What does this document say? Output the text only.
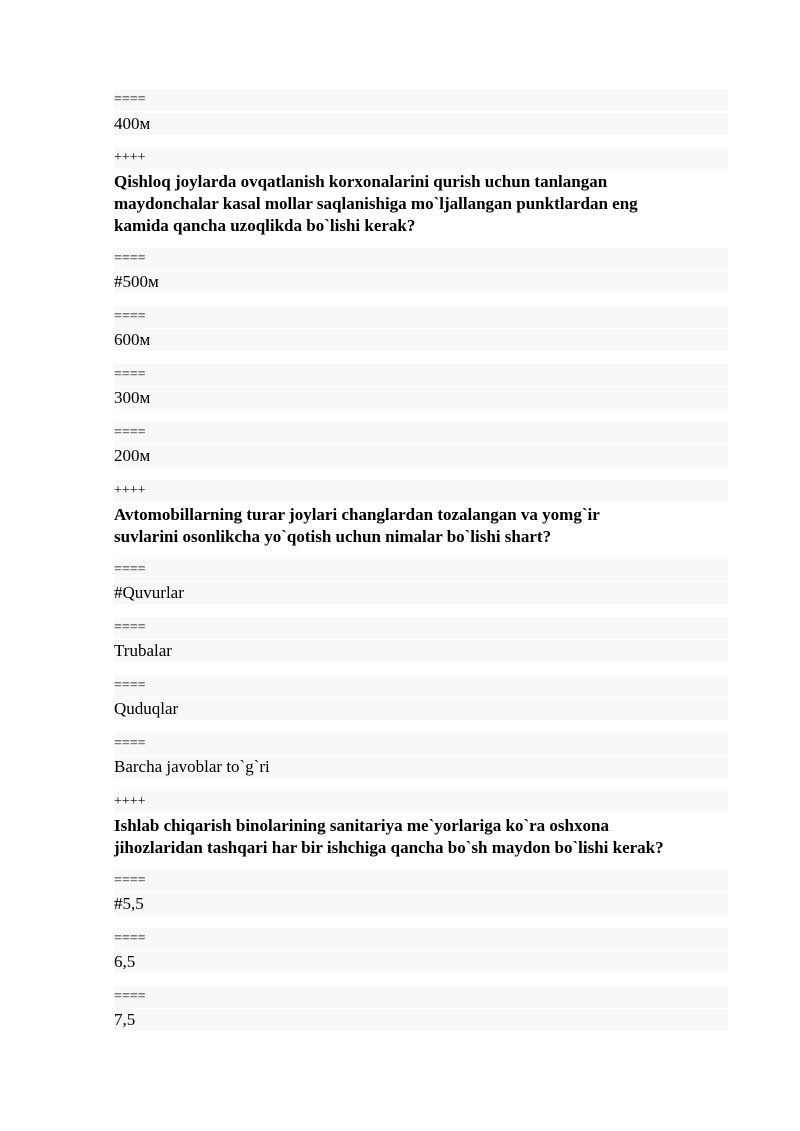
====
400м
++++
Qishloq joylarda ovqatlanish korxonalarini qurish uchun tanlangan
maydonchalar kasal mollar saqlanishiga mo`ljallangan punktlardan eng
kamida qancha uzoqlikda bo`lishi kerak?
====
#500м
====
600м
====
300м
====
200м
++++
Avtomobillarning turar joylari changlardan tozalangan va yomg`ir
suvlarini osonlikcha yo`qotish uchun nimalar bo`lishi shart?
====
#Quvurlar
====
Trubalar
====
Quduqlar
====
Barcha javoblar to`g`ri
++++
Ishlab chiqarish binolarining sanitariya me`yorlariga ko`ra oshxona
jihozlaridan tashqari har bir ishchiga qancha bo`sh maydon bo`lishi kerak?
====
#5,5
====
6,5
====
7,5
